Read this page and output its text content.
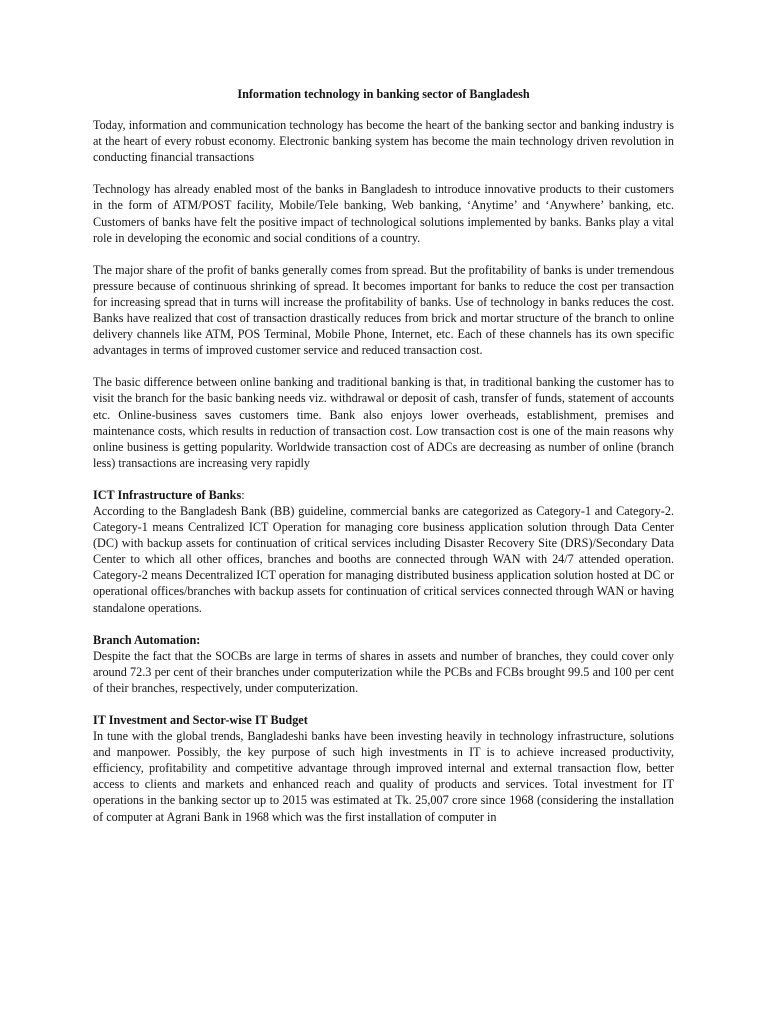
Information technology in banking sector of Bangladesh

Today, information and communication technology has become the heart of the banking sector and banking industry is at the heart of every robust economy. Electronic banking system has become the main technology driven revolution in conducting financial transactions

Technology has already enabled most of the banks in Bangladesh to introduce innovative products to their customers in the form of ATM/POST facility, Mobile/Tele banking, Web banking, ‘Anytime’ and ‘Anywhere’ banking, etc. Customers of banks have felt the positive impact of technological solutions implemented by banks. Banks play a vital role in developing the economic and social conditions of a country.

The major share of the profit of banks generally comes from spread. But the profitability of banks is under tremendous pressure because of continuous shrinking of spread. It becomes important for banks to reduce the cost per transaction for increasing spread that in turns will increase the profitability of banks. Use of technology in banks reduces the cost. Banks have realized that cost of transaction drastically reduces from brick and mortar structure of the branch to online delivery channels like ATM, POS Terminal, Mobile Phone, Internet, etc. Each of these channels has its own specific advantages in terms of improved customer service and reduced transaction cost.

The basic difference between online banking and traditional banking is that, in traditional banking the customer has to visit the branch for the basic banking needs viz. withdrawal or deposit of cash, transfer of funds, statement of accounts etc. Online-business saves customers time. Bank also enjoys lower overheads, establishment, premises and maintenance costs, which results in reduction of transaction cost. Low transaction cost is one of the main reasons why online business is getting popularity. Worldwide transaction cost of ADCs are decreasing as number of online (branch less) transactions are increasing very rapidly

ICT Infrastructure of Banks:

According to the Bangladesh Bank (BB) guideline, commercial banks are categorized as Category-1 and Category-2. Category-1 means Centralized ICT Operation for managing core business application solution through Data Center (DC) with backup assets for continuation of critical services including Disaster Recovery Site (DRS)/Secondary Data Center to which all other offices, branches and booths are connected through WAN with 24/7 attended operation. Category-2 means Decentralized ICT operation for managing distributed business application solution hosted at DC or operational offices/branches with backup assets for continuation of critical services connected through WAN or having standalone operations.

Branch Automation:

Despite the fact that the SOCBs are large in terms of shares in assets and number of branches, they could cover only around 72.3 per cent of their branches under computerization while the PCBs and FCBs brought 99.5 and 100 per cent of their branches, respectively, under computerization.

IT Investment and Sector-wise IT Budget

In tune with the global trends, Bangladeshi banks have been investing heavily in technology infrastructure, solutions and manpower. Possibly, the key purpose of such high investments in IT is to achieve increased productivity, efficiency, profitability and competitive advantage through improved internal and external transaction flow, better access to clients and markets and enhanced reach and quality of products and services. Total investment for IT operations in the banking sector up to 2015 was estimated at Tk. 25,007 crore since 1968 (considering the installation of computer at Agrani Bank in 1968 which was the first installation of computer in
